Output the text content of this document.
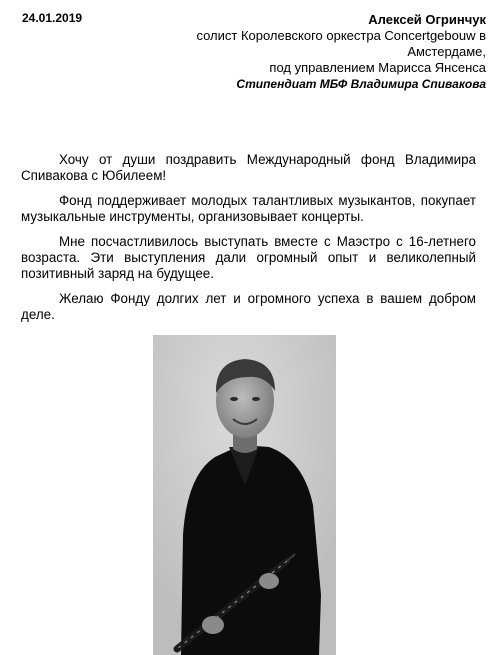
24.01.2019	Алексей Огринчук
солист Королевского оркестра Concertgebouw в
Амстердаме,
под управлением Марисса Янсенса
Стипендиат МБФ Владимира Спивакова

Хочу от души поздравить Международный фонд Владимира Спивакова с Юбилеем!

Фонд поддерживает молодых талантливых музыкантов, покупает музыкальные инструменты, организовывает концерты.

Мне посчастливилось выступать вместе с Маэстро с 16-летнего возраста. Эти выступления дали огромный опыт и великолепный позитивный заряд на будущее.

Желаю Фонду долгих лет и огромного успеха в вашем добром деле.
